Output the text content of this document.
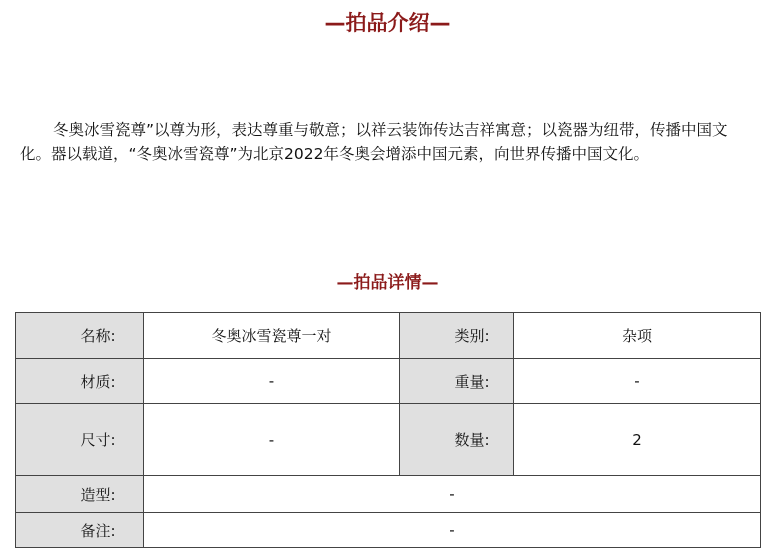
—拍品介绍—

冬奥冰雪瓷尊”以尊为形，表达尊重与敬意；以祥云装饰传达吉祥寓意；以瓷器为纽带，传播中国文化。器以载道，“冬奥冰雪瓷尊”为北京2022年冬奥会增添中国元素，向世界传播中国文化。

—拍品详情—
名称:	冬奥冰雪瓷尊一对	类别:	杂项
材质:	-	重量:	-
尺寸:	-	数量:	2
造型:	-		
备注:	-		
